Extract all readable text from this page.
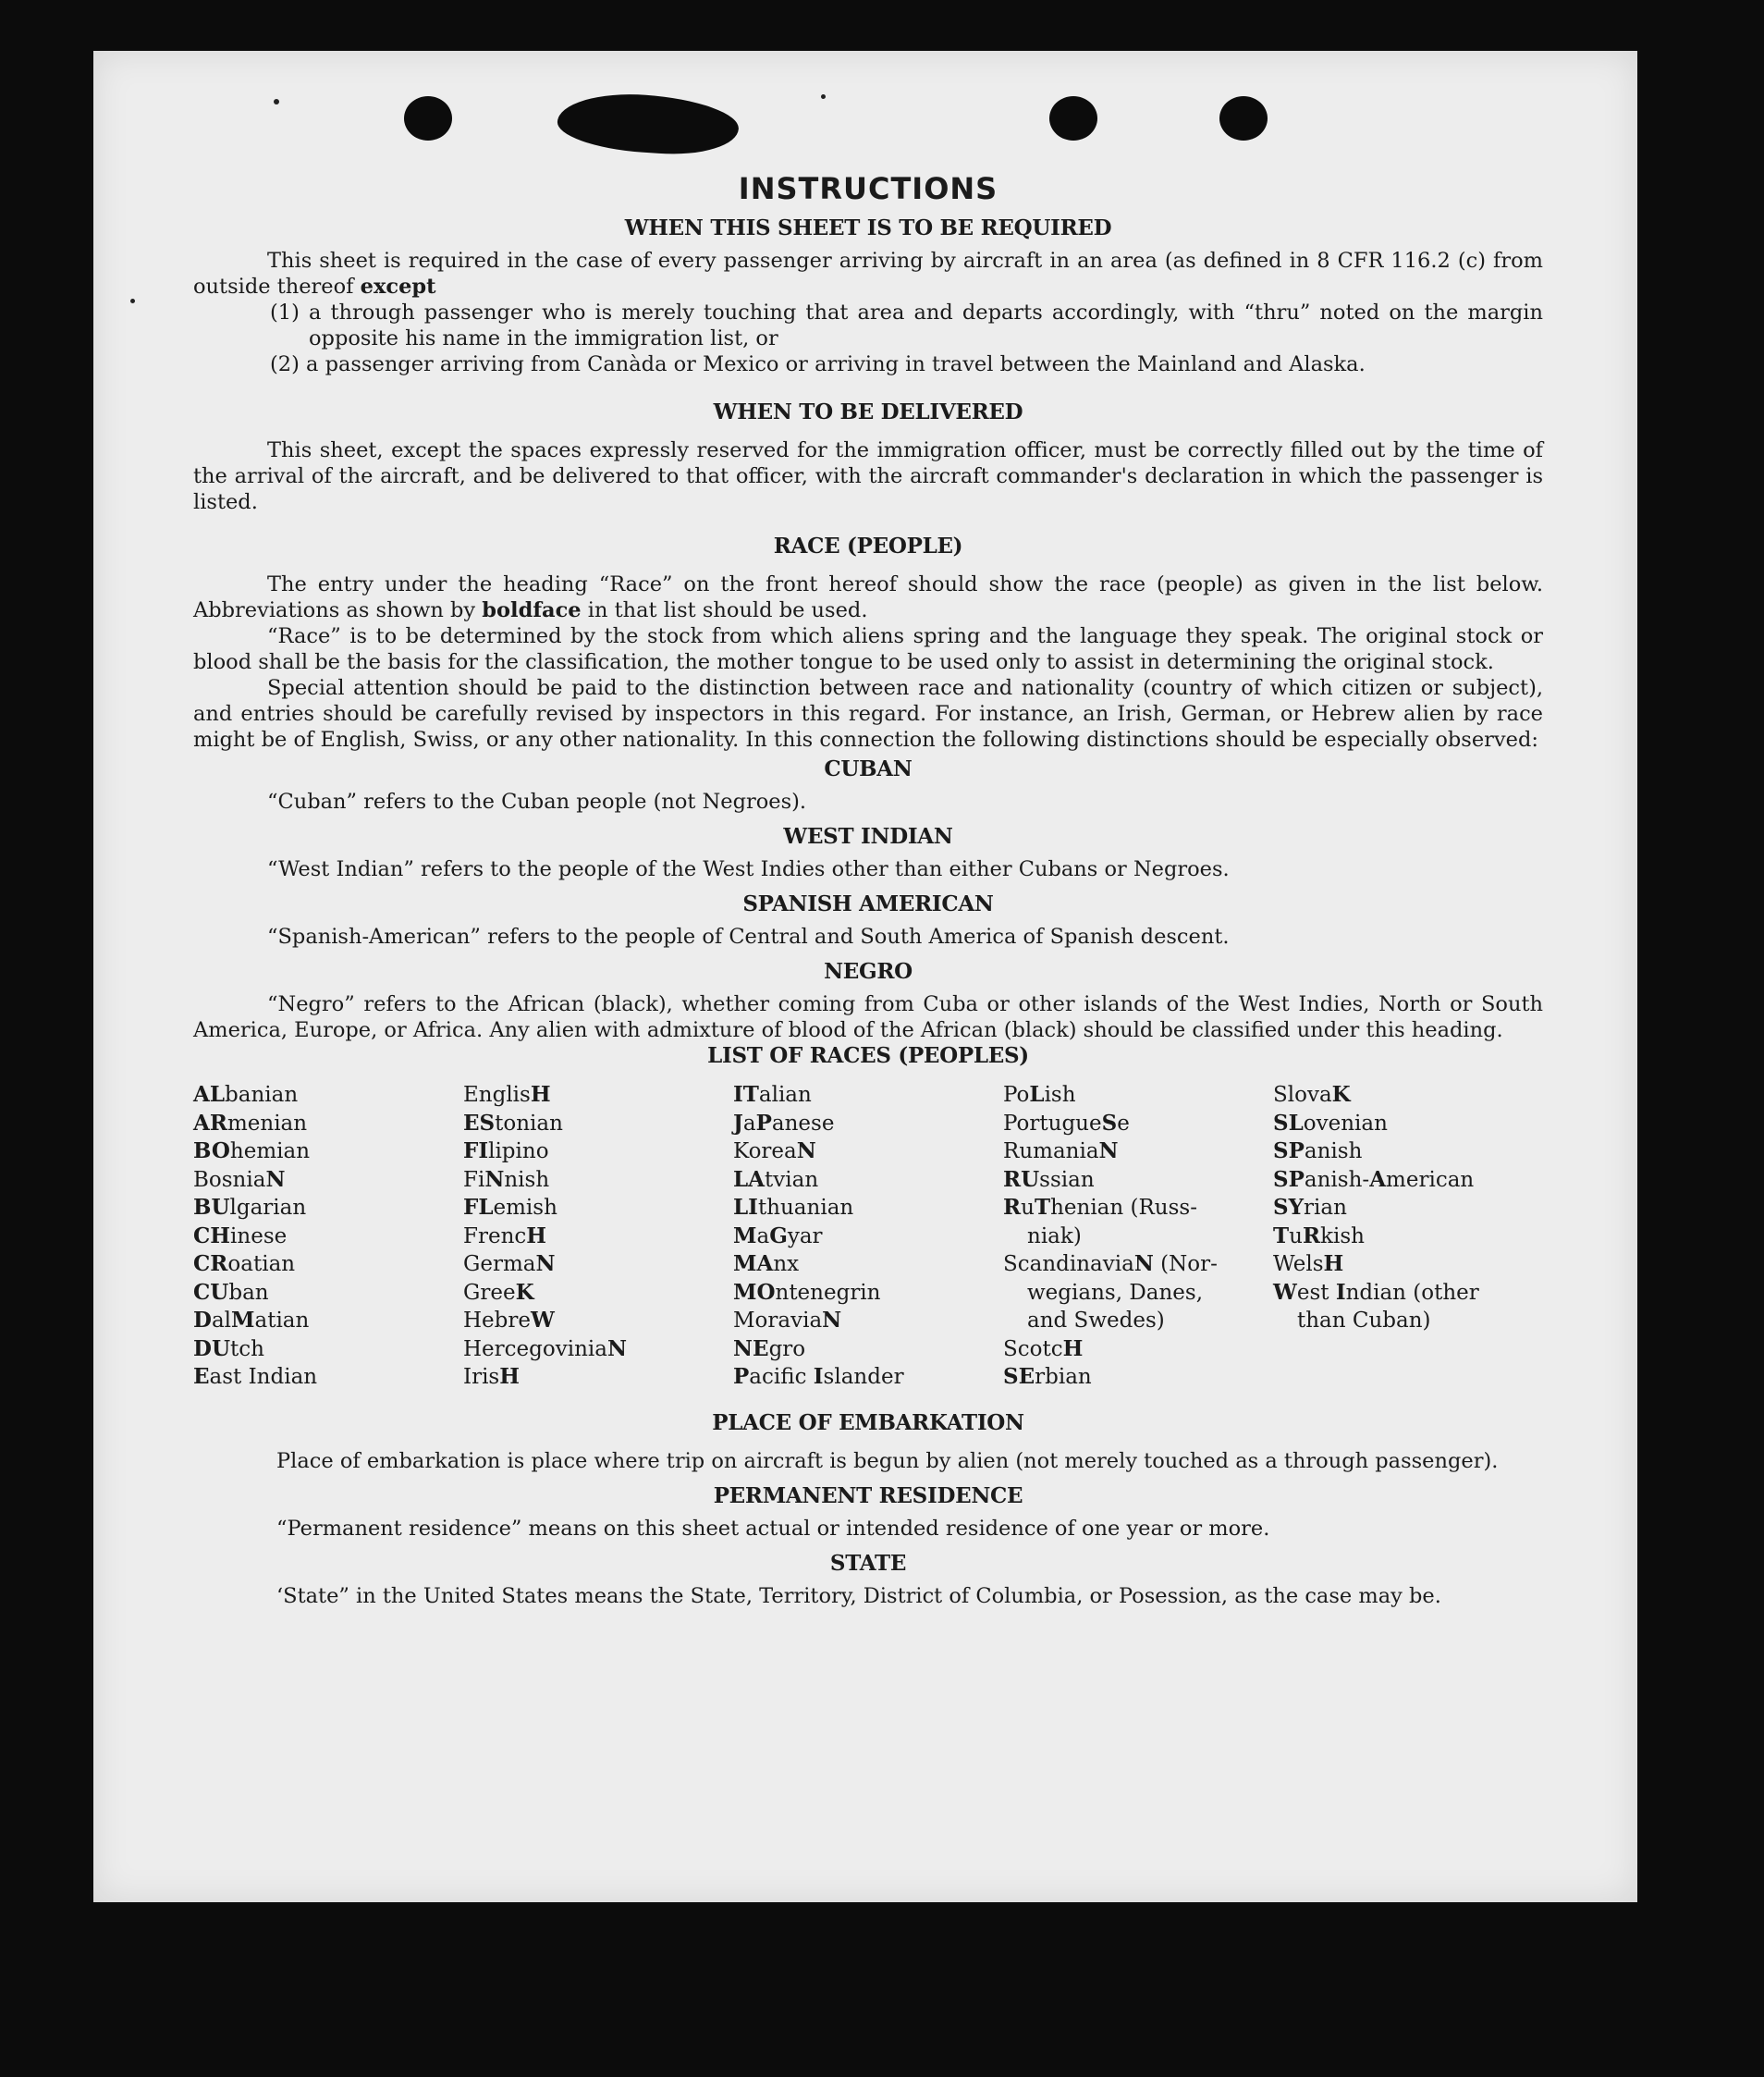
INSTRUCTIONS
WHEN THIS SHEET IS TO BE REQUIRED

This sheet is required in the case of every passenger arriving by aircraft in an area (as defined in 8 CFR 116.2 (c) from outside thereof except

(1) a through passenger who is merely touching that area and departs accordingly, with “thru” noted on the margin opposite his name in the immigration list, or
(2) a passenger arriving from Canàda or Mexico or arriving in travel between the Mainland and Alaska.
WHEN TO BE DELIVERED

This sheet, except the spaces expressly reserved for the immigration officer, must be correctly filled out by the time of the arrival of the aircraft, and be delivered to that officer, with the aircraft commander's declaration in which the passenger is listed.

RACE (PEOPLE)

The entry under the heading “Race” on the front hereof should show the race (people) as given in the list below. Abbreviations as shown by boldface in that list should be used.

“Race” is to be determined by the stock from which aliens spring and the language they speak. The original stock or blood shall be the basis for the classification, the mother tongue to be used only to assist in determining the original stock.

Special attention should be paid to the distinction between race and nationality (country of which citizen or subject), and entries should be carefully revised by inspectors in this regard. For instance, an Irish, German, or Hebrew alien by race might be of English, Swiss, or any other nationality. In this connection the following distinctions should be especially observed:

CUBAN

“Cuban” refers to the Cuban people (not Negroes).

WEST INDIAN

“West Indian” refers to the people of the West Indies other than either Cubans or Negroes.

SPANISH AMERICAN

“Spanish-American” refers to the people of Central and South America of Spanish descent.

NEGRO

“Negro” refers to the African (black), whether coming from Cuba or other islands of the West Indies, North or South America, Europe, or Africa. Any alien with admixture of blood of the African (black) should be classified under this heading.

LIST OF RACES (PEOPLES)
ALbanian
ARmenian
BOhemian
BosniaN
BUlgarian
CHinese
CRoatian
CUban
DalMatian
DUtch
East Indian
EnglisH
EStonian
FIlipino
FiNnish
FLemish
FrencH
GermaN
GreeK
HebreW
HercegoviniaN
IrisH
ITalian
JaPanese
KoreaN
LAtvian
LIthuanian
MaGyar
MAnx
MOntenegrin
MoraviaN
NEgro
Pacific Islander
PoLish
PortugueSe
RumaniaN
RUssian
RuThenian (Russ-
niak)
ScandinaviaN (Nor-
wegians, Danes,
and Swedes)
ScotcH
SErbian
SlovaK
SLovenian
SPanish
SPanish-American
SYrian
TuRkish
WelsH
West Indian (other
than Cuban)
PLACE OF EMBARKATION

Place of embarkation is place where trip on aircraft is begun by alien (not merely touched as a through passenger).

PERMANENT RESIDENCE

“Permanent residence” means on this sheet actual or intended residence of one year or more.

STATE

‘State” in the United States means the State, Territory, District of Columbia, or Posession, as the case may be.
